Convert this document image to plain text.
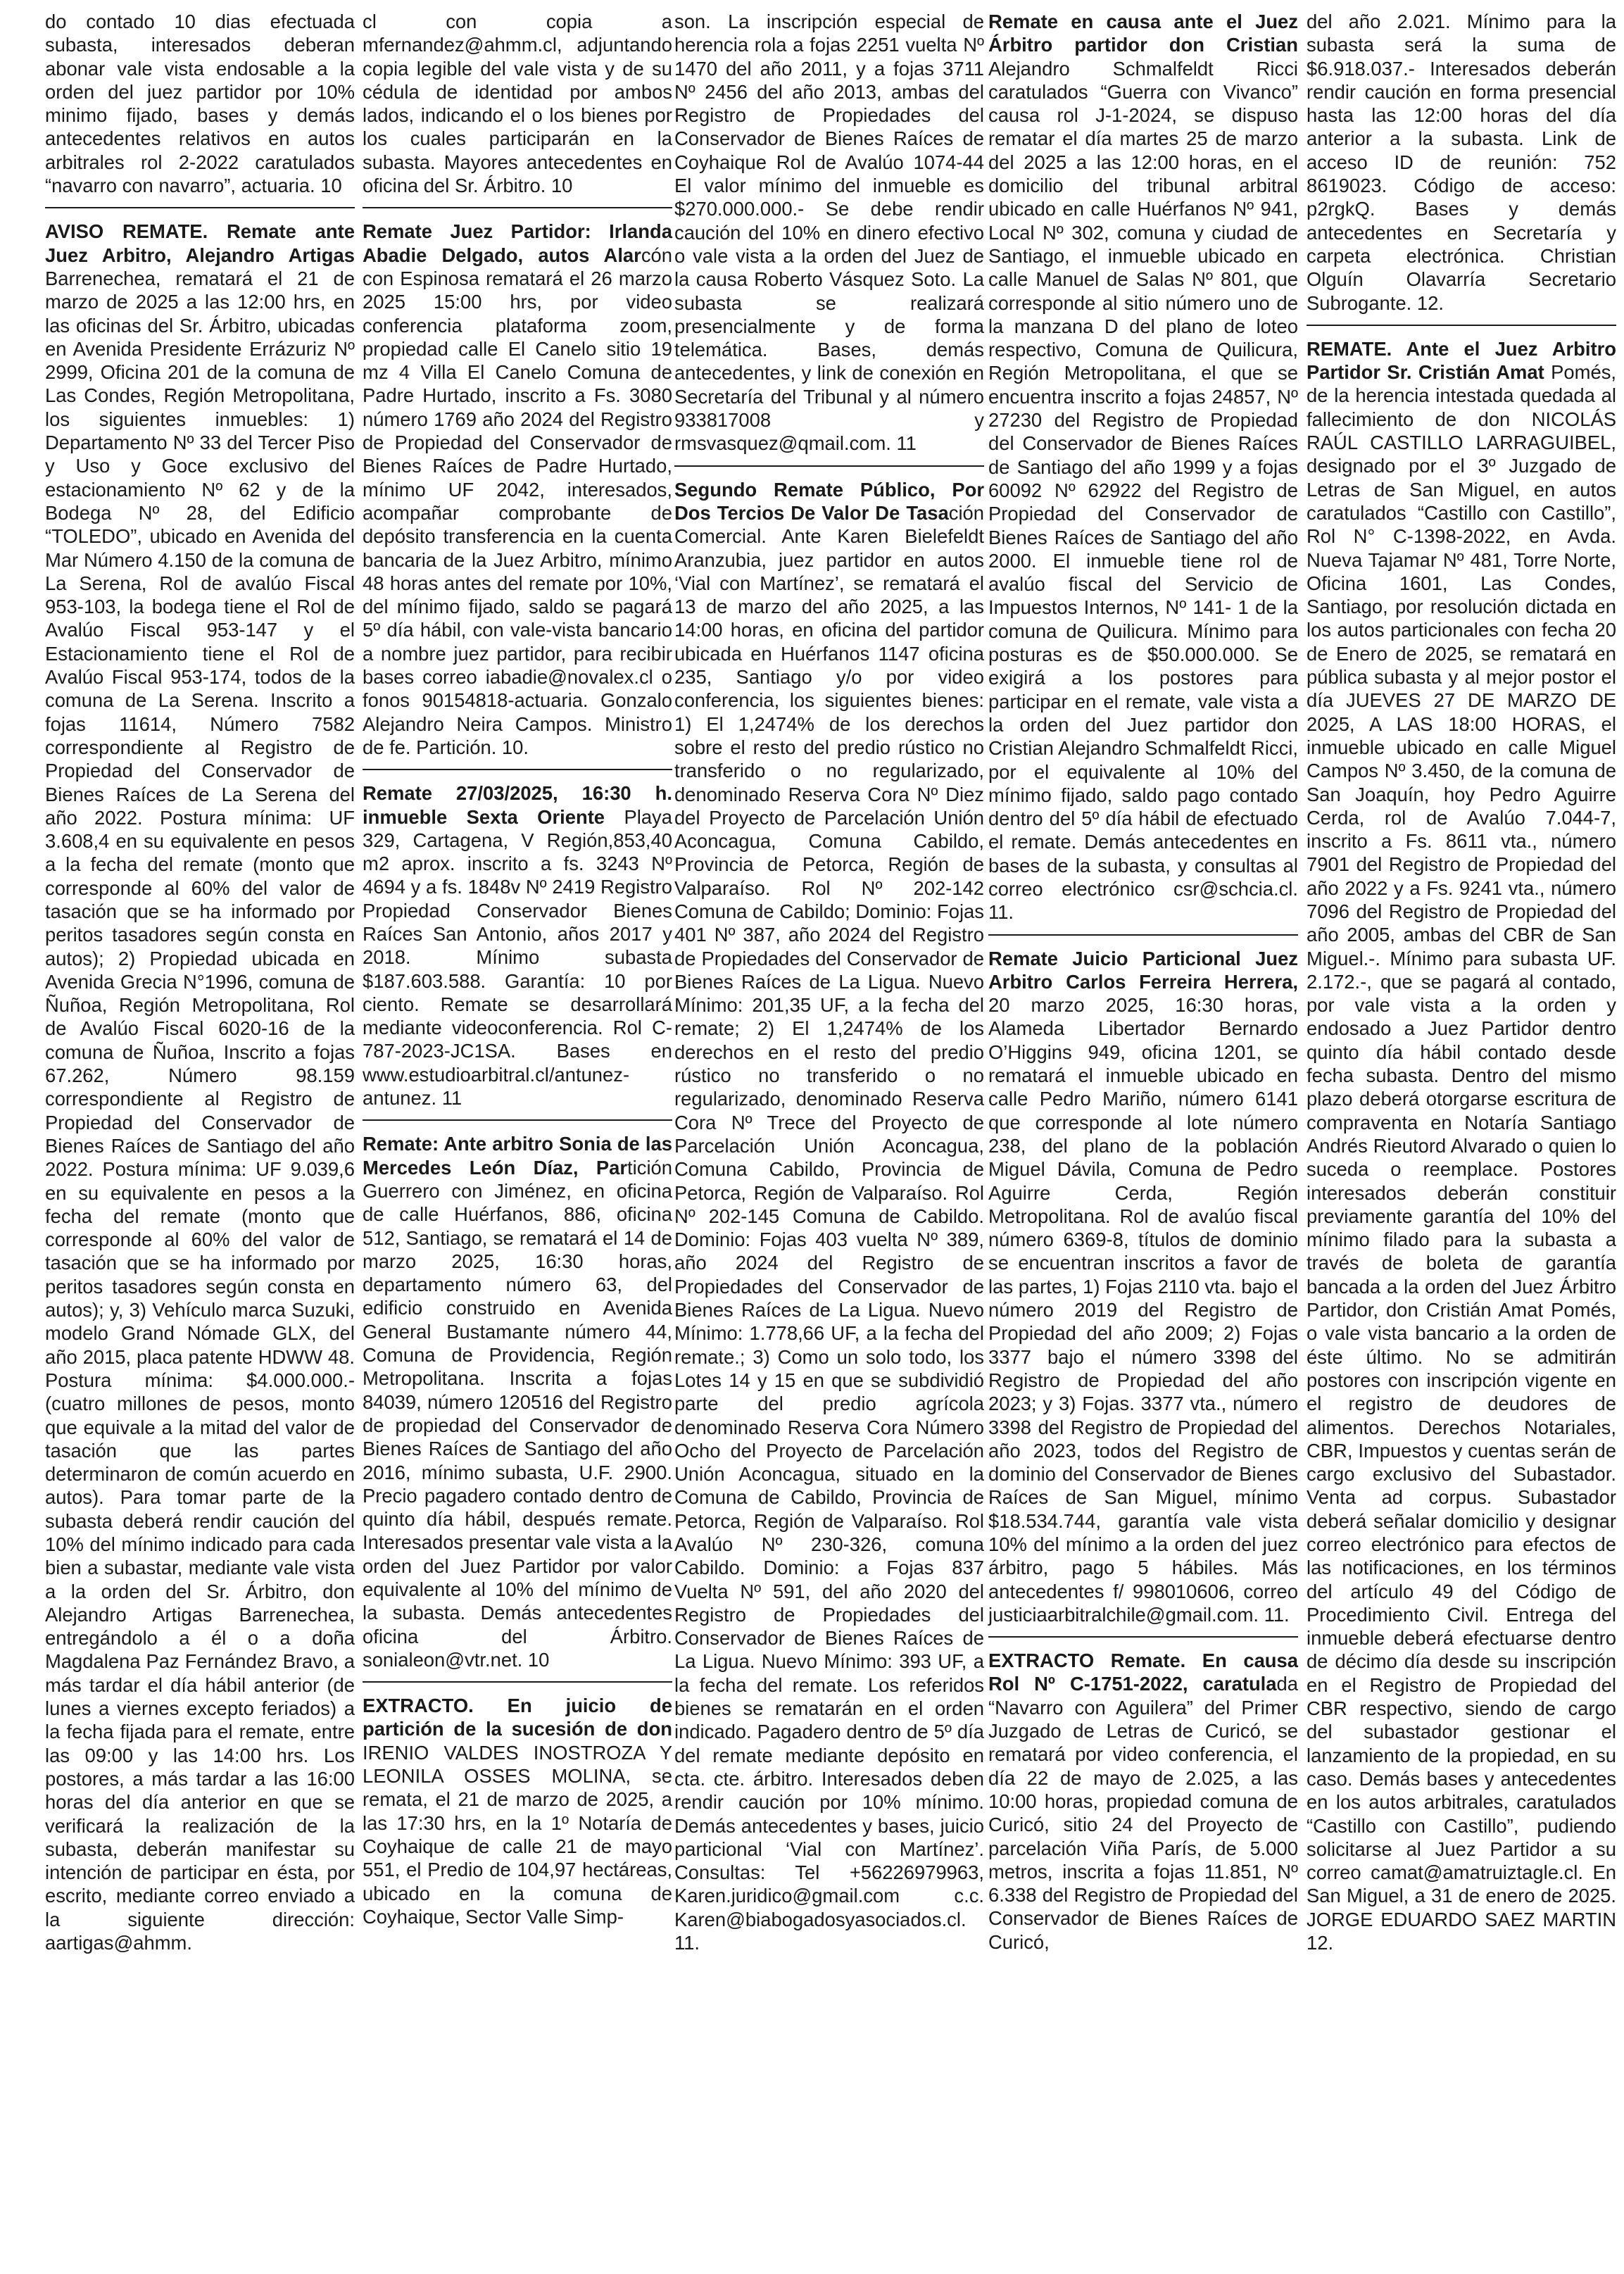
do contado 10 dias efectuada subasta, interesados deberan abonar vale vista endosable a la orden del juez partidor por 10% minimo fijado, bases y demás antecedentes relativos en autos arbitrales rol 2-2022 caratulados “navarro con navarro”, actuaria. 10

AVISO REMATE. Remate ante Juez Arbitro, Alejandro Artigas Barrenechea, rematará el 21 de marzo de 2025 a las 12:00 hrs, en las oficinas del Sr. Árbitro, ubicadas en Avenida Presidente Errázuriz Nº 2999, Oficina 201 de la comuna de Las Condes, Región Metropolitana, los siguientes inmuebles: 1) Departamento Nº 33 del Tercer Piso y Uso y Goce exclusivo del estacionamiento Nº 62 y de la Bodega Nº 28, del Edificio “TOLEDO”, ubicado en Avenida del Mar Número 4.150 de la comuna de La Serena, Rol de avalúo Fiscal 953-103, la bodega tiene el Rol de Avalúo Fiscal 953-147 y el Estacionamiento tiene el Rol de Avalúo Fiscal 953-174, todos de la comuna de La Serena. Inscrito a fojas 11614, Número 7582 correspondiente al Registro de Propiedad del Conservador de Bienes Raíces de La Serena del año 2022. Postura mínima: UF 3.608,4 en su equivalente en pesos a la fecha del remate (monto que corresponde al 60% del valor de tasación que se ha informado por peritos tasadores según consta en autos); 2) Propiedad ubicada en Avenida Grecia N°1996, comuna de Ñuñoa, Región Metropolitana, Rol de Avalúo Fiscal 6020-16 de la comuna de Ñuñoa, Inscrito a fojas 67.262, Número 98.159 correspondiente al Registro de Propiedad del Conservador de Bienes Raíces de Santiago del año 2022. Postura mínima: UF 9.039,6 en su equivalente en pesos a la fecha del remate (monto que corresponde al 60% del valor de tasación que se ha informado por peritos tasadores según consta en autos); y, 3) Vehículo marca Suzuki, modelo Grand Nómade GLX, del año 2015, placa patente HDWW 48. Postura mínima: $4.000.000.- (cuatro millones de pesos, monto que equivale a la mitad del valor de tasación que las partes determinaron de común acuerdo en autos). Para tomar parte de la subasta deberá rendir caución del 10% del mínimo indicado para cada bien a subastar, mediante vale vista a la orden del Sr. Árbitro, don Alejandro Artigas Barrenechea, entregándolo a él o a doña Magdalena Paz Fernández Bravo, a más tardar el día hábil anterior (de lunes a viernes excepto feriados) a la fecha fijada para el remate, entre las 09:00 y las 14:00 hrs. Los postores, a más tardar a las 16:00 horas del día anterior en que se verificará la realización de la subasta, deberán manifestar su intención de participar en ésta, por escrito, mediante correo enviado a la siguiente dirección: aartigas@ahmm.

cl con copia a mfernandez@ahmm.cl, adjuntando copia legible del vale vista y de su cédula de identidad por ambos lados, indicando el o los bienes por los cuales participarán en la subasta. Mayores antecedentes en oficina del Sr. Árbitro. 10

Remate Juez Partidor: Irlanda Abadie Delgado, autos Alarcón con Espinosa rematará el 26 marzo 2025 15:00 hrs, por video conferencia plataforma zoom, propiedad calle El Canelo sitio 19 mz 4 Villa El Canelo Comuna de Padre Hurtado, inscrito a Fs. 3080 número 1769 año 2024 del Registro de Propiedad del Conservador de Bienes Raíces de Padre Hurtado, mínimo UF 2042, interesados, acompañar comprobante de depósito transferencia en la cuenta bancaria de la Juez Arbitro, mínimo 48 horas antes del remate por 10%, del mínimo fijado, saldo se pagará 5º día hábil, con vale-vista bancario a nombre juez partidor, para recibir bases correo iabadie@novalex.cl o fonos 90154818-actuaria. Gonzalo Alejandro Neira Campos. Ministro de fe. Partición. 10.

Remate 27/03/2025, 16:30 h. inmueble Sexta Oriente Playa 329, Cartagena, V Región,853,40 m2 aprox. inscrito a fs. 3243 Nº 4694 y a fs. 1848v Nº 2419 Registro Propiedad Conservador Bienes Raíces San Antonio, años 2017 y 2018. Mínimo subasta $187.603.588. Garantía: 10 por ciento. Remate se desarrollará mediante videoconferencia. Rol C-787-2023-JC1SA. Bases en www.estudioarbitral.cl/antunez-antunez. 11

Remate: Ante arbitro Sonia de las Mercedes León Díaz, Partición Guerrero con Jiménez, en oficina de calle Huérfanos, 886, oficina 512, Santiago, se rematará el 14 de marzo 2025, 16:30 horas, departamento número 63, del edificio construido en Avenida General Bustamante número 44, Comuna de Providencia, Región Metropolitana. Inscrita a fojas 84039, número 120516 del Registro de propiedad del Conservador de Bienes Raíces de Santiago del año 2016, mínimo subasta, U.F. 2900. Precio pagadero contado dentro de quinto día hábil, después remate. Interesados presentar vale vista a la orden del Juez Partidor por valor equivalente al 10% del mínimo de la subasta. Demás antecedentes oficina del Árbitro. sonialeon@vtr.net. 10

EXTRACTO. En juicio de partición de la sucesión de don IRENIO VALDES INOSTROZA Y LEONILA OSSES MOLINA, se remata, el 21 de marzo de 2025, a las 17:30 hrs, en la 1º Notaría de Coyhaique de calle 21 de mayo 551, el Predio de 104,97 hectáreas, ubicado en la comuna de Coyhaique, Sector Valle Simp-

son. La inscripción especial de herencia rola a fojas 2251 vuelta Nº 1470 del año 2011, y a fojas 3711 Nº 2456 del año 2013, ambas del Registro de Propiedades del Conservador de Bienes Raíces de Coyhaique Rol de Avalúo 1074-44 El valor mínimo del inmueble es $270.000.000.- Se debe rendir caución del 10% en dinero efectivo o vale vista a la orden del Juez de la causa Roberto Vásquez Soto. La subasta se realizará presencialmente y de forma telemática. Bases, demás antecedentes, y link de conexión en Secretaría del Tribunal y al número 933817008 y rmsvasquez@qmail.com. 11

Segundo Remate Público, Por Dos Tercios De Valor De Tasación Comercial. Ante Karen Bielefeldt Aranzubia, juez partidor en autos ‘Vial con Martínez’, se rematará el 13 de marzo del año 2025, a las 14:00 horas, en oficina del partidor ubicada en Huérfanos 1147 oficina 235, Santiago y/o por video conferencia, los siguientes bienes: 1) El 1,2474% de los derechos sobre el resto del predio rústico no transferido o no regularizado, denominado Reserva Cora Nº Diez del Proyecto de Parcelación Unión Aconcagua, Comuna Cabildo, Provincia de Petorca, Región de Valparaíso. Rol Nº 202-142 Comuna de Cabildo; Dominio: Fojas 401 Nº 387, año 2024 del Registro de Propiedades del Conservador de Bienes Raíces de La Ligua. Nuevo Mínimo: 201,35 UF, a la fecha del remate; 2) El 1,2474% de los derechos en el resto del predio rústico no transferido o no regularizado, denominado Reserva Cora Nº Trece del Proyecto de Parcelación Unión Aconcagua, Comuna Cabildo, Provincia de Petorca, Región de Valparaíso. Rol Nº 202-145 Comuna de Cabildo. Dominio: Fojas 403 vuelta Nº 389, año 2024 del Registro de Propiedades del Conservador de Bienes Raíces de La Ligua. Nuevo Mínimo: 1.778,66 UF, a la fecha del remate.; 3) Como un solo todo, los Lotes 14 y 15 en que se subdividió parte del predio agrícola denominado Reserva Cora Número Ocho del Proyecto de Parcelación Unión Aconcagua, situado en la Comuna de Cabildo, Provincia de Petorca, Región de Valparaíso. Rol Avalúo Nº 230-326, comuna Cabildo. Dominio: a Fojas 837 Vuelta Nº 591, del año 2020 del Registro de Propiedades del Conservador de Bienes Raíces de La Ligua. Nuevo Mínimo: 393 UF, a la fecha del remate. Los referidos bienes se rematarán en el orden indicado. Pagadero dentro de 5º día del remate mediante depósito en cta. cte. árbitro. Interesados deben rendir caución por 10% mínimo. Demás antecedentes y bases, juicio particional ‘Vial con Martínez’. Consultas: Tel +56226979963, Karen.juridico@gmail.com c.c. Karen@biabogadosyasociados.cl. 11.

Remate en causa ante el Juez Árbitro partidor don Cristian Alejandro Schmalfeldt Ricci caratulados “Guerra con Vivanco” causa rol J-1-2024, se dispuso rematar el día martes 25 de marzo del 2025 a las 12:00 horas, en el domicilio del tribunal arbitral ubicado en calle Huérfanos Nº 941, Local Nº 302, comuna y ciudad de Santiago, el inmueble ubicado en calle Manuel de Salas Nº 801, que corresponde al sitio número uno de la manzana D del plano de loteo respectivo, Comuna de Quilicura, Región Metropolitana, el que se encuentra inscrito a fojas 24857, Nº 27230 del Registro de Propiedad del Conservador de Bienes Raíces de Santiago del año 1999 y a fojas 60092 Nº 62922 del Registro de Propiedad del Conservador de Bienes Raíces de Santiago del año 2000. El inmueble tiene rol de avalúo fiscal del Servicio de Impuestos Internos, Nº 141- 1 de la comuna de Quilicura. Mínimo para posturas es de $50.000.000. Se exigirá a los postores para participar en el remate, vale vista a la orden del Juez partidor don Cristian Alejandro Schmalfeldt Ricci, por el equivalente al 10% del mínimo fijado, saldo pago contado dentro del 5º día hábil de efectuado el remate. Demás antecedentes en bases de la subasta, y consultas al correo electrónico csr@schcia.cl. 11.

Remate Juicio Particional Juez Arbitro Carlos Ferreira Herrera, 20 marzo 2025, 16:30 horas, Alameda Libertador Bernardo O’Higgins 949, oficina 1201, se rematará el inmueble ubicado en calle Pedro Mariño, número 6141 que corresponde al lote número 238, del plano de la población Miguel Dávila, Comuna de Pedro Aguirre Cerda, Región Metropolitana. Rol de avalúo fiscal número 6369-8, títulos de dominio se encuentran inscritos a favor de las partes, 1) Fojas 2110 vta. bajo el número 2019 del Registro de Propiedad del año 2009; 2) Fojas 3377 bajo el número 3398 del Registro de Propiedad del año 2023; y 3) Fojas. 3377 vta., número 3398 del Registro de Propiedad del año 2023, todos del Registro de dominio del Conservador de Bienes Raíces de San Miguel, mínimo $18.534.744, garantía vale vista 10% del mínimo a la orden del juez árbitro, pago 5 hábiles. Más antecedentes f/ 998010606, correo justiciaarbitralchile@gmail.com. 11.

EXTRACTO Remate. En causa Rol Nº C-1751-2022, caratulada “Navarro con Aguilera” del Primer Juzgado de Letras de Curicó, se rematará por video conferencia, el día 22 de mayo de 2.025, a las 10:00 horas, propiedad comuna de Curicó, sitio 24 del Proyecto de parcelación Viña París, de 5.000 metros, inscrita a fojas 11.851, Nº 6.338 del Registro de Propiedad del Conservador de Bienes Raíces de Curicó,

del año 2.021. Mínimo para la subasta será la suma de $6.918.037.- Interesados deberán rendir caución en forma presencial hasta las 12:00 horas del día anterior a la subasta. Link de acceso ID de reunión: 752 8619023. Código de acceso: p2rgkQ. Bases y demás antecedentes en Secretaría y carpeta electrónica. Christian Olguín Olavarría Secretario Subrogante. 12.

REMATE. Ante el Juez Arbitro Partidor Sr. Cristián Amat Pomés, de la herencia intestada quedada al fallecimiento de don NICOLÁS RAÚL CASTILLO LARRAGUIBEL, designado por el 3º Juzgado de Letras de San Miguel, en autos caratulados “Castillo con Castillo”, Rol N° C-1398-2022, en Avda. Nueva Tajamar Nº 481, Torre Norte, Oficina 1601, Las Condes, Santiago, por resolución dictada en los autos particionales con fecha 20 de Enero de 2025, se rematará en pública subasta y al mejor postor el día JUEVES 27 DE MARZO DE 2025, A LAS 18:00 HORAS, el inmueble ubicado en calle Miguel Campos Nº 3.450, de la comuna de San Joaquín, hoy Pedro Aguirre Cerda, rol de Avalúo 7.044-7, inscrito a Fs. 8611 vta., número 7901 del Registro de Propiedad del año 2022 y a Fs. 9241 vta., número 7096 del Registro de Propiedad del año 2005, ambas del CBR de San Miguel.-. Mínimo para subasta UF. 2.172.-, que se pagará al contado, por vale vista a la orden y endosado a Juez Partidor dentro quinto día hábil contado desde fecha subasta. Dentro del mismo plazo deberá otorgarse escritura de compraventa en Notaría Santiago Andrés Rieutord Alvarado o quien lo suceda o reemplace. Postores interesados deberán constituir previamente garantía del 10% del mínimo filado para la subasta a través de boleta de garantía bancada a la orden del Juez Árbitro Partidor, don Cristián Amat Pomés, o vale vista bancario a la orden de éste último. No se admitirán postores con inscripción vigente en el registro de deudores de alimentos. Derechos Notariales, CBR, Impuestos y cuentas serán de cargo exclusivo del Subastador. Venta ad corpus. Subastador deberá señalar domicilio y designar correo electrónico para efectos de las notificaciones, en los términos del artículo 49 del Código de Procedimiento Civil. Entrega del inmueble deberá efectuarse dentro de décimo día desde su inscripción en el Registro de Propiedad del CBR respectivo, siendo de cargo del subastador gestionar el lanzamiento de la propiedad, en su caso. Demás bases y antecedentes en los autos arbitrales, caratulados “Castillo con Castillo”, pudiendo solicitarse al Juez Partidor a su correo camat@amatruiztagle.cl. En San Miguel, a 31 de enero de 2025. JORGE EDUARDO SAEZ MARTIN 12.
